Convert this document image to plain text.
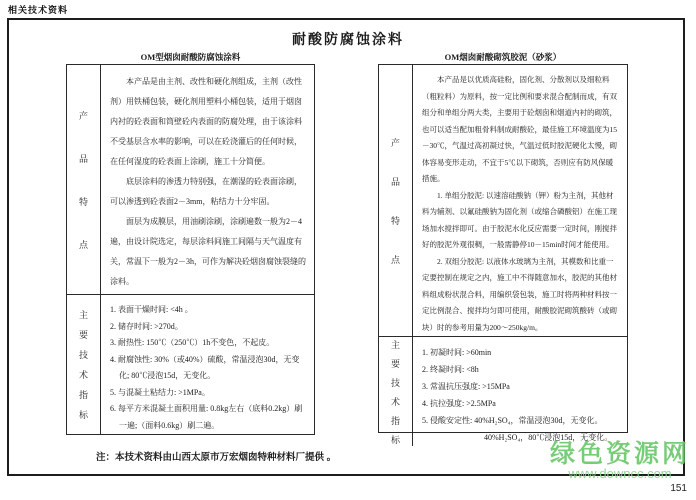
相关技术资料
耐酸防腐蚀涂料
OM型烟囱耐酸防腐蚀涂料	OM烟囱耐酸砌筑胶泥（砂浆）
产
品
特
点

本产品是由主剂、改性和硬化剂组成，主剂（改性剂）用铁桶包装，硬化剂用塑料小桶包装，适用于烟囱内衬的砼表面和筒壁砼内表面的防腐处理，由于该涂料不受基层含水率的影响，可以在砼浇灌后的任何时候，在任何湿度的砼表面上涂刷，施工十分简便。

底层涂料的渗透力特别强，在潮湿的砼表面涂刷，可以渗透到砼表面2－3mm，粘结力十分牢固。

面层为成膜层，用油刷涂刷，涂刷遍数一般为2－4遍，由设计院选定，每层涂料间施工间隔与天气温度有关，常温下一般为2－3h，可作为解决砼烟囱腐蚀裂缝的涂料。

主
要
技
术
指
标
1. 表面干燥时间: <4h 。
2. 储存时间: >270d。
3. 耐热性: 150℃（250℃）1h不变色，不起皮。
4. 耐腐蚀性: 30%（或40%）硫酸，常温浸泡30d，无变化; 80℃浸泡15d，无变化。
5. 与混凝土粘结力: >1MPa。
6. 每平方米混凝土面积用量: 0.8kg左右（底料0.2kg）刷一遍;（面料0.6kg）刷二遍。
产
品
特
点

本产品是以优质高硅粉，固化剂、分散剂以及细粒料（粗粒料）为原料，按一定比例和要求混合配制而成，有双组分和单组分两大类，主要用于砼烟囱和烟道内衬的砌筑，也可以适当配加粗骨料制成耐酸砼，最佳施工环境温度为15－30℃，气温过高初凝过快，气温过低时胶泥硬化太慢，砌体容易变形走动，不宜于5℃以下砌筑，否则应有防风保暖措施。

1. 单组分胶泥: 以速溶硅酸钠（钾）粉为主剂，其他材料为辅剂、以氟硅酸钠为固化剂（或缩合磷酸铝）在施工现场加水搅拌即可。由于胶泥水化反应需要一定时间，刚搅拌好的胶泥外观很稠，一般需静停10－15min时间才能使用。

2. 双组分胶泥: 以液体水玻璃为主剂，其模数和比重一定要控制在规定之内，施工中不得随意加水，胶泥的其他材料组成粉状混合料，用编织袋包装，施工时将两种材料按一定比例混合、搅拌均匀即可使用，耐酸胶泥砌筑酸砖（或砌块）时的参考用量为200～250kg/m。

主
要
技
术
指
标
1. 初凝时间: >60min
2. 终凝时间: <8h
3. 常温抗压强度: >15MPa
4. 抗拉强度: >2.5MPa
5. 侵酸安定性: 40%H₂SO₄，常温浸泡30d，无变化。
40%H₂SO₄，80℃浸泡15d，无变化。
注：本技术资料由山西太原市万宏烟囱特种材料厂提供 。	绿色资源网
www.downcc.com
151
